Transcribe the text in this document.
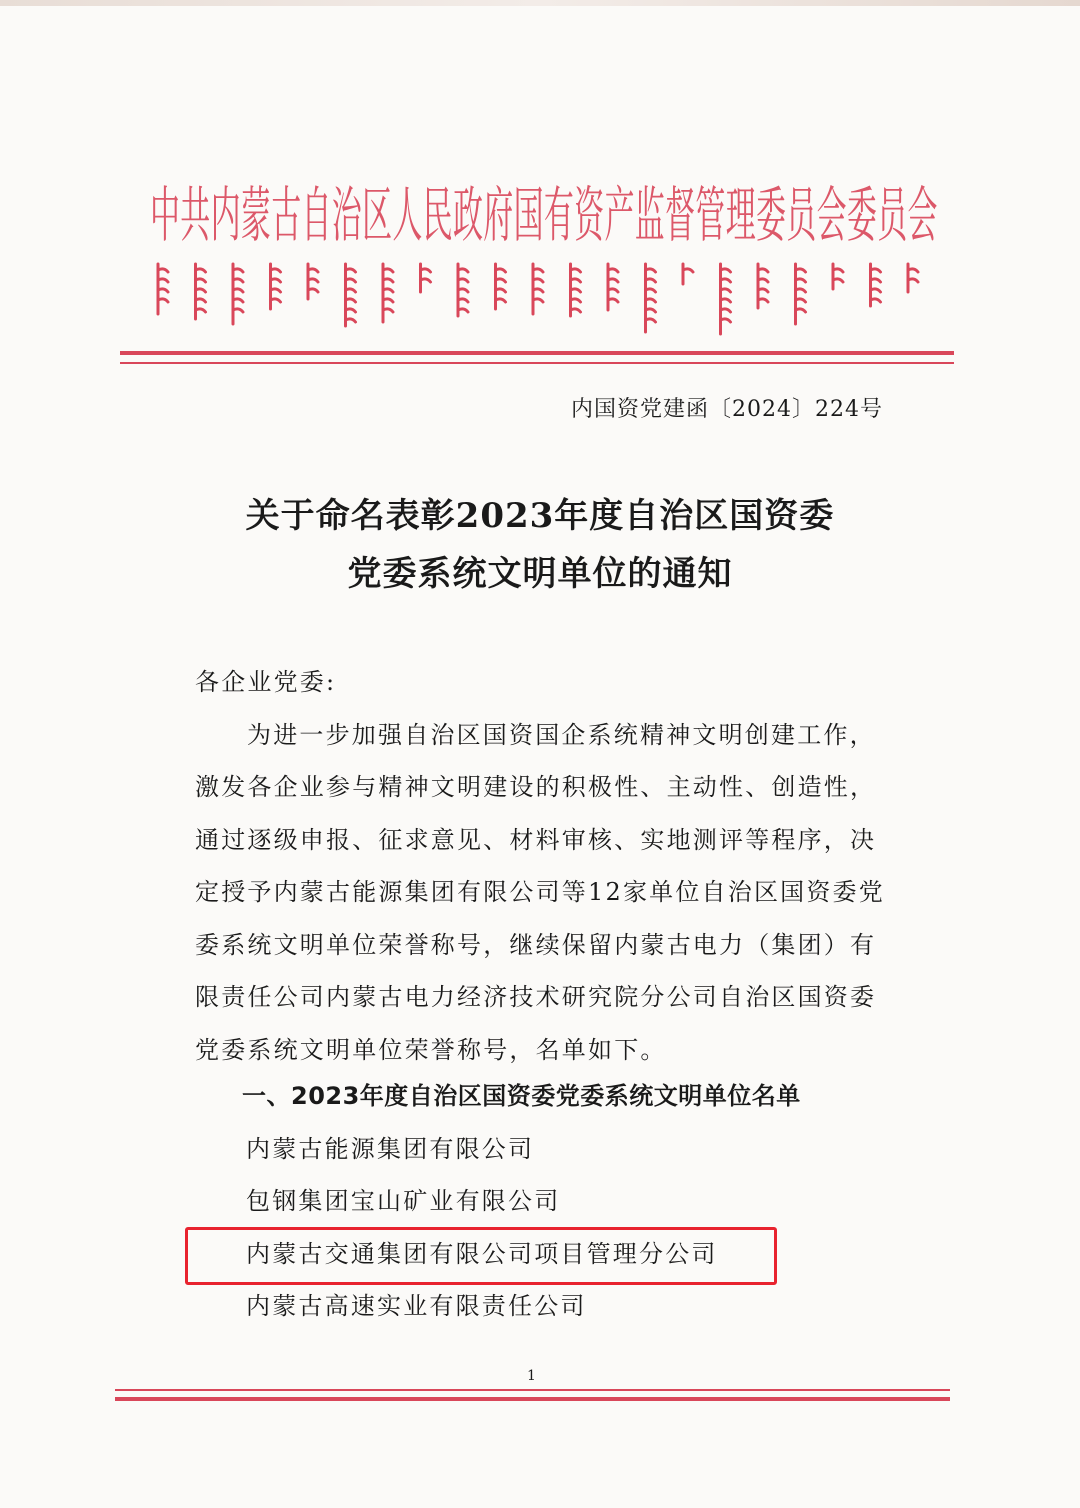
中共内蒙古自治区人民政府国有资产监督管理委员会委员会
内国资党建函〔2024〕224号
关于命名表彰2023年度自治区国资委
党委系统文明单位的通知

各企业党委:

为进一步加强自治区国资国企系统精神文明创建工作，激发各企业参与精神文明建设的积极性、主动性、创造性，通过逐级申报、征求意见、材料审核、实地测评等程序，决定授予内蒙古能源集团有限公司等12家单位自治区国资委党委系统文明单位荣誉称号，继续保留内蒙古电力（集团）有限责任公司内蒙古电力经济技术研究院分公司自治区国资委党委系统文明单位荣誉称号，名单如下。

一、2023年度自治区国资委党委系统文明单位名单
内蒙古能源集团有限公司
包钢集团宝山矿业有限公司
内蒙古交通集团有限公司项目管理分公司
内蒙古高速实业有限责任公司
1
